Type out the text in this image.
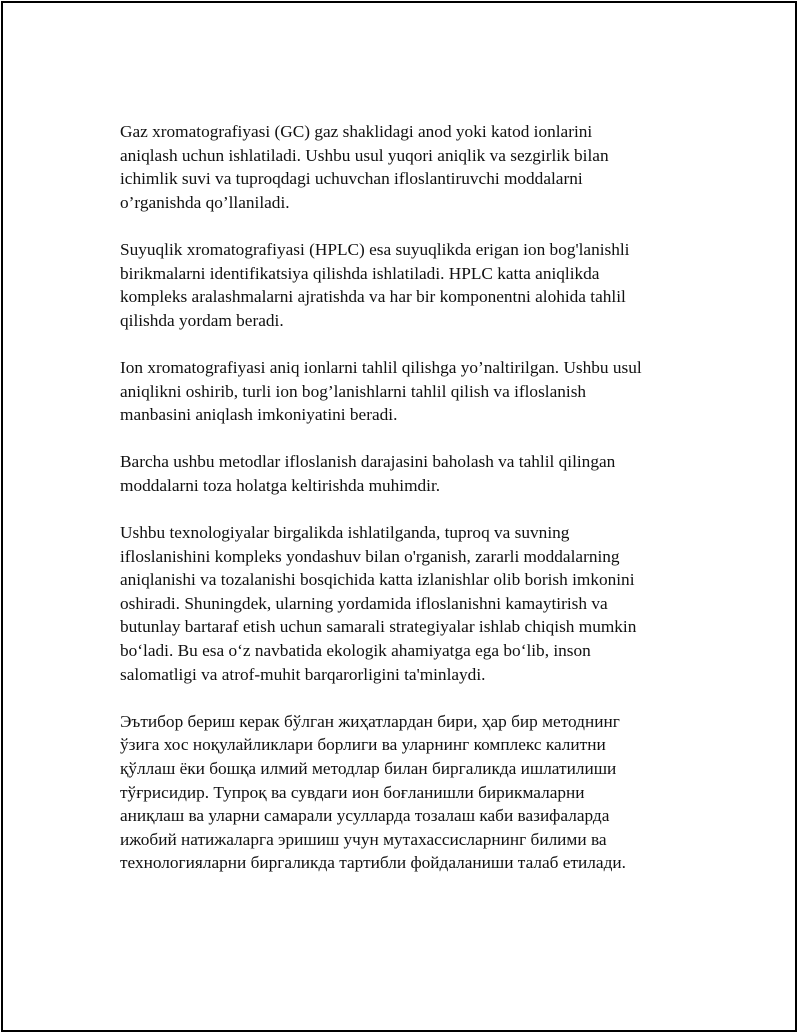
Gaz xromatografiyasi (GC) gaz shaklidagi anod yoki katod ionlarini
aniqlash uchun ishlatiladi. Ushbu usul yuqori aniqlik va sezgirlik bilan
ichimlik suvi va tuproqdagi uchuvchan ifloslantiruvchi moddalarni
o’rganishda qo’llaniladi.

Suyuqlik xromatografiyasi (HPLC) esa suyuqlikda erigan ion bog'lanishli
birikmalarni identifikatsiya qilishda ishlatiladi. HPLC katta aniqlikda
kompleks aralashmalarni ajratishda va har bir komponentni alohida tahlil
qilishda yordam beradi.

Ion xromatografiyasi aniq ionlarni tahlil qilishga yo’naltirilgan. Ushbu usul
aniqlikni oshirib, turli ion bog’lanishlarni tahlil qilish va ifloslanish
manbasini aniqlash imkoniyatini beradi.

Barcha ushbu metodlar ifloslanish darajasini baholash va tahlil qilingan
moddalarni toza holatga keltirishda muhimdir.

Ushbu texnologiyalar birgalikda ishlatilganda, tuproq va suvning
ifloslanishini kompleks yondashuv bilan o'rganish, zararli moddalarning
aniqlanishi va tozalanishi bosqichida katta izlanishlar olib borish imkonini
oshiradi. Shuningdek, ularning yordamida ifloslanishni kamaytirish va
butunlay bartaraf etish uchun samarali strategiyalar ishlab chiqish mumkin
bo‘ladi. Bu esa o‘z navbatida ekologik ahamiyatga ega bo‘lib, inson
salomatligi va atrof-muhit barqarorligini ta'minlaydi.

Эътибор бериш керак бўлган жиҳатлардан бири, ҳар бир методнинг
ўзига хос ноқулайликлари борлиги ва уларнинг комплекс калитни
қўллаш ёки бошқа илмий методлар билан биргаликда ишлатилиши
тўғрисидир. Тупроқ ва сувдаги ион боғланишли бирикмаларни
аниқлаш ва уларни самарали усулларда тозалаш каби вазифаларда
ижобий натижаларга эришиш учун мутахассисларнинг билими ва
технологияларни биргаликда тартибли фойдаланиши талаб етилади.
